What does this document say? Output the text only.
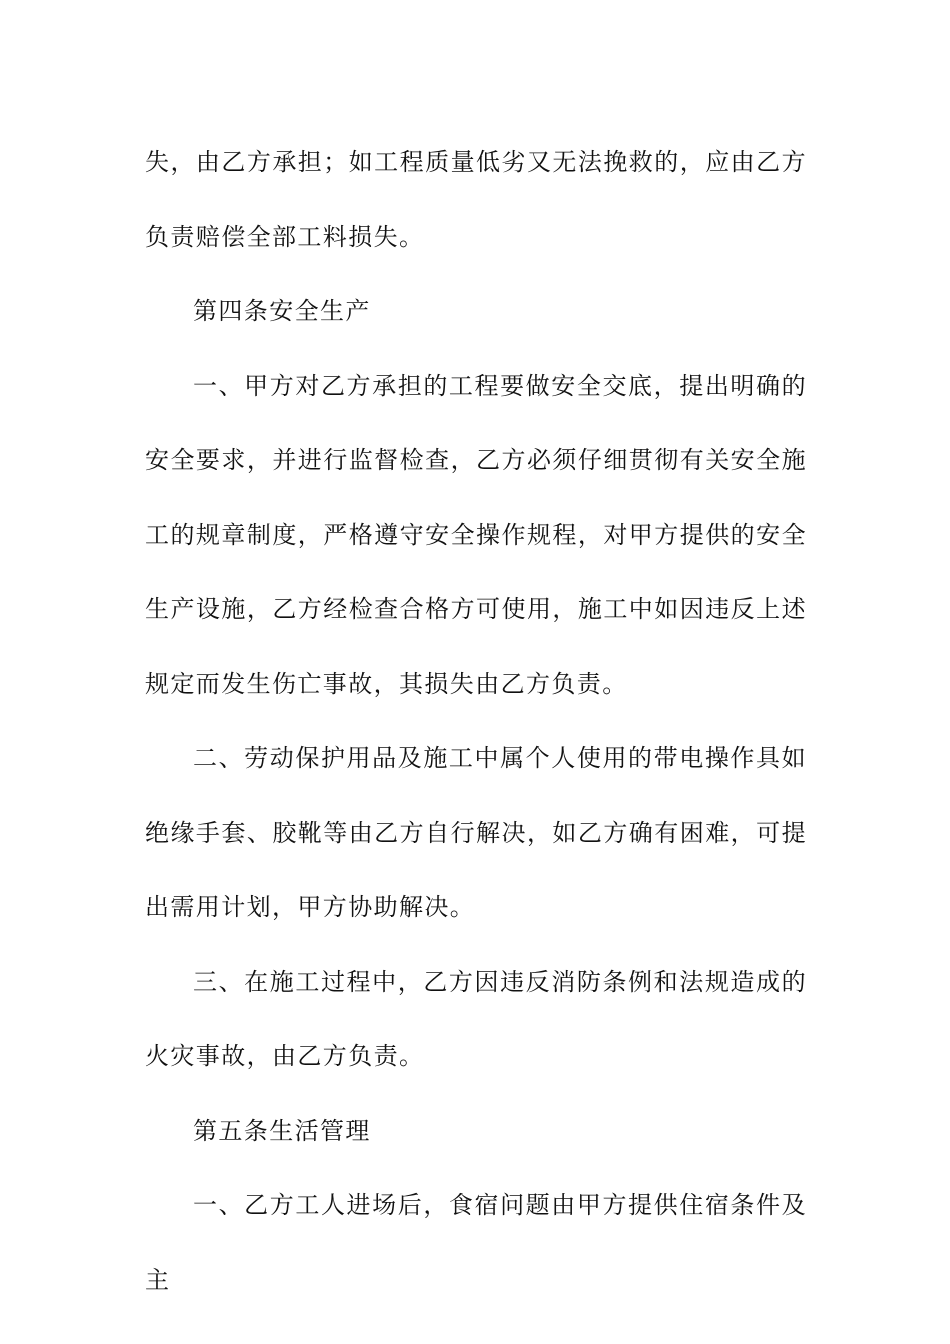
失，由乙方承担；如工程质量低劣又无法挽救的，应由乙方负责赔偿全部工料损失。

第四条安全生产

一、甲方对乙方承担的工程要做安全交底，提出明确的安全要求，并进行监督检查，乙方必须仔细贯彻有关安全施工的规章制度，严格遵守安全操作规程，对甲方提供的安全生产设施，乙方经检查合格方可使用，施工中如因违反上述规定而发生伤亡事故，其损失由乙方负责。

二、劳动保护用品及施工中属个人使用的带电操作具如绝缘手套、胶靴等由乙方自行解决，如乙方确有困难，可提出需用计划，甲方协助解决。

三、在施工过程中，乙方因违反消防条例和法规造成的火灾事故，由乙方负责。

第五条生活管理

一、乙方工人进场后，食宿问题由甲方提供住宿条件及主
